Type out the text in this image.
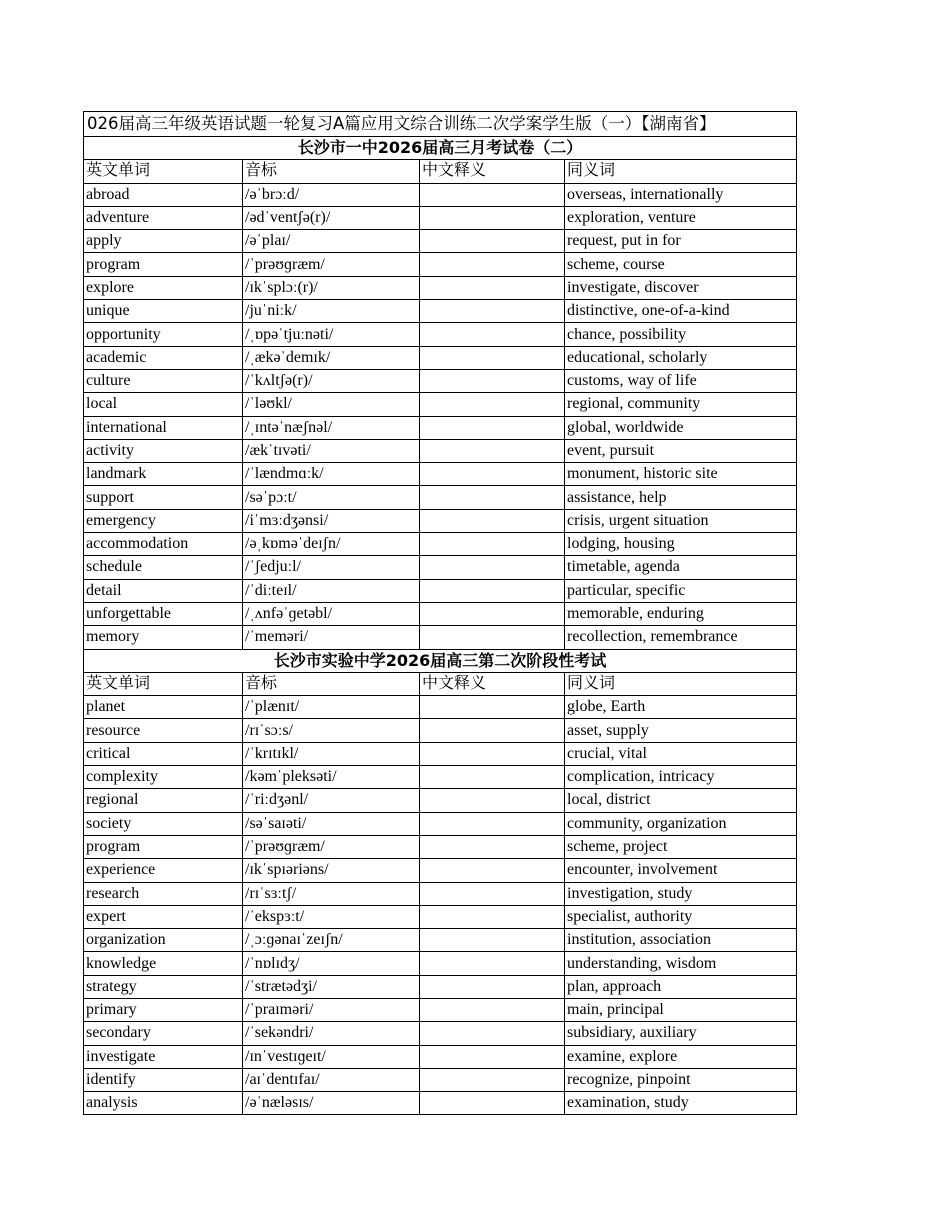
026届高三年级英语试题一轮复习A篇应用文综合训练二次学案学生版（一）【湖南省】			
长沙市一中2026届高三月考试卷（二）			
英文单词	音标	中文释义	同义词
abroad	/əˈbrɔːd/		overseas, internationally
adventure	/ədˈventʃə(r)/		exploration, venture
apply	/əˈplaɪ/		request, put in for
program	/ˈprəʊɡræm/		scheme, course
explore	/ɪkˈsplɔː(r)/		investigate, discover
unique	/juˈniːk/		distinctive, one-of-a-kind
opportunity	/ˌɒpəˈtjuːnəti/		chance, possibility
academic	/ˌækəˈdemɪk/		educational, scholarly
culture	/ˈkʌltʃə(r)/		customs, way of life
local	/ˈləʊkl/		regional, community
international	/ˌɪntəˈnæʃnəl/		global, worldwide
activity	/ækˈtɪvəti/		event, pursuit
landmark	/ˈlændmɑːk/		monument, historic site
support	/səˈpɔːt/		assistance, help
emergency	/iˈmɜːdʒənsi/		crisis, urgent situation
accommodation	/əˌkɒməˈdeɪʃn/		lodging, housing
schedule	/ˈʃedjuːl/		timetable, agenda
detail	/ˈdiːteɪl/		particular, specific
unforgettable	/ˌʌnfəˈɡetəbl/		memorable, enduring
memory	/ˈmeməri/		recollection, remembrance
长沙市实验中学2026届高三第二次阶段性考试			
英文单词	音标	中文释义	同义词
planet	/ˈplænɪt/		globe, Earth
resource	/rɪˈsɔːs/		asset, supply
critical	/ˈkrɪtɪkl/		crucial, vital
complexity	/kəmˈpleksəti/		complication, intricacy
regional	/ˈriːdʒənl/		local, district
society	/səˈsaɪəti/		community, organization
program	/ˈprəʊɡræm/		scheme, project
experience	/ɪkˈspɪəriəns/		encounter, involvement
research	/rɪˈsɜːtʃ/		investigation, study
expert	/ˈekspɜːt/		specialist, authority
organization	/ˌɔːɡənaɪˈzeɪʃn/		institution, association
knowledge	/ˈnɒlɪdʒ/		understanding, wisdom
strategy	/ˈstrætədʒi/		plan, approach
primary	/ˈpraɪməri/		main, principal
secondary	/ˈsekəndri/		subsidiary, auxiliary
investigate	/ɪnˈvestɪɡeɪt/		examine, explore
identify	/aɪˈdentɪfaɪ/		recognize, pinpoint
analysis	/əˈnæləsɪs/		examination, study
